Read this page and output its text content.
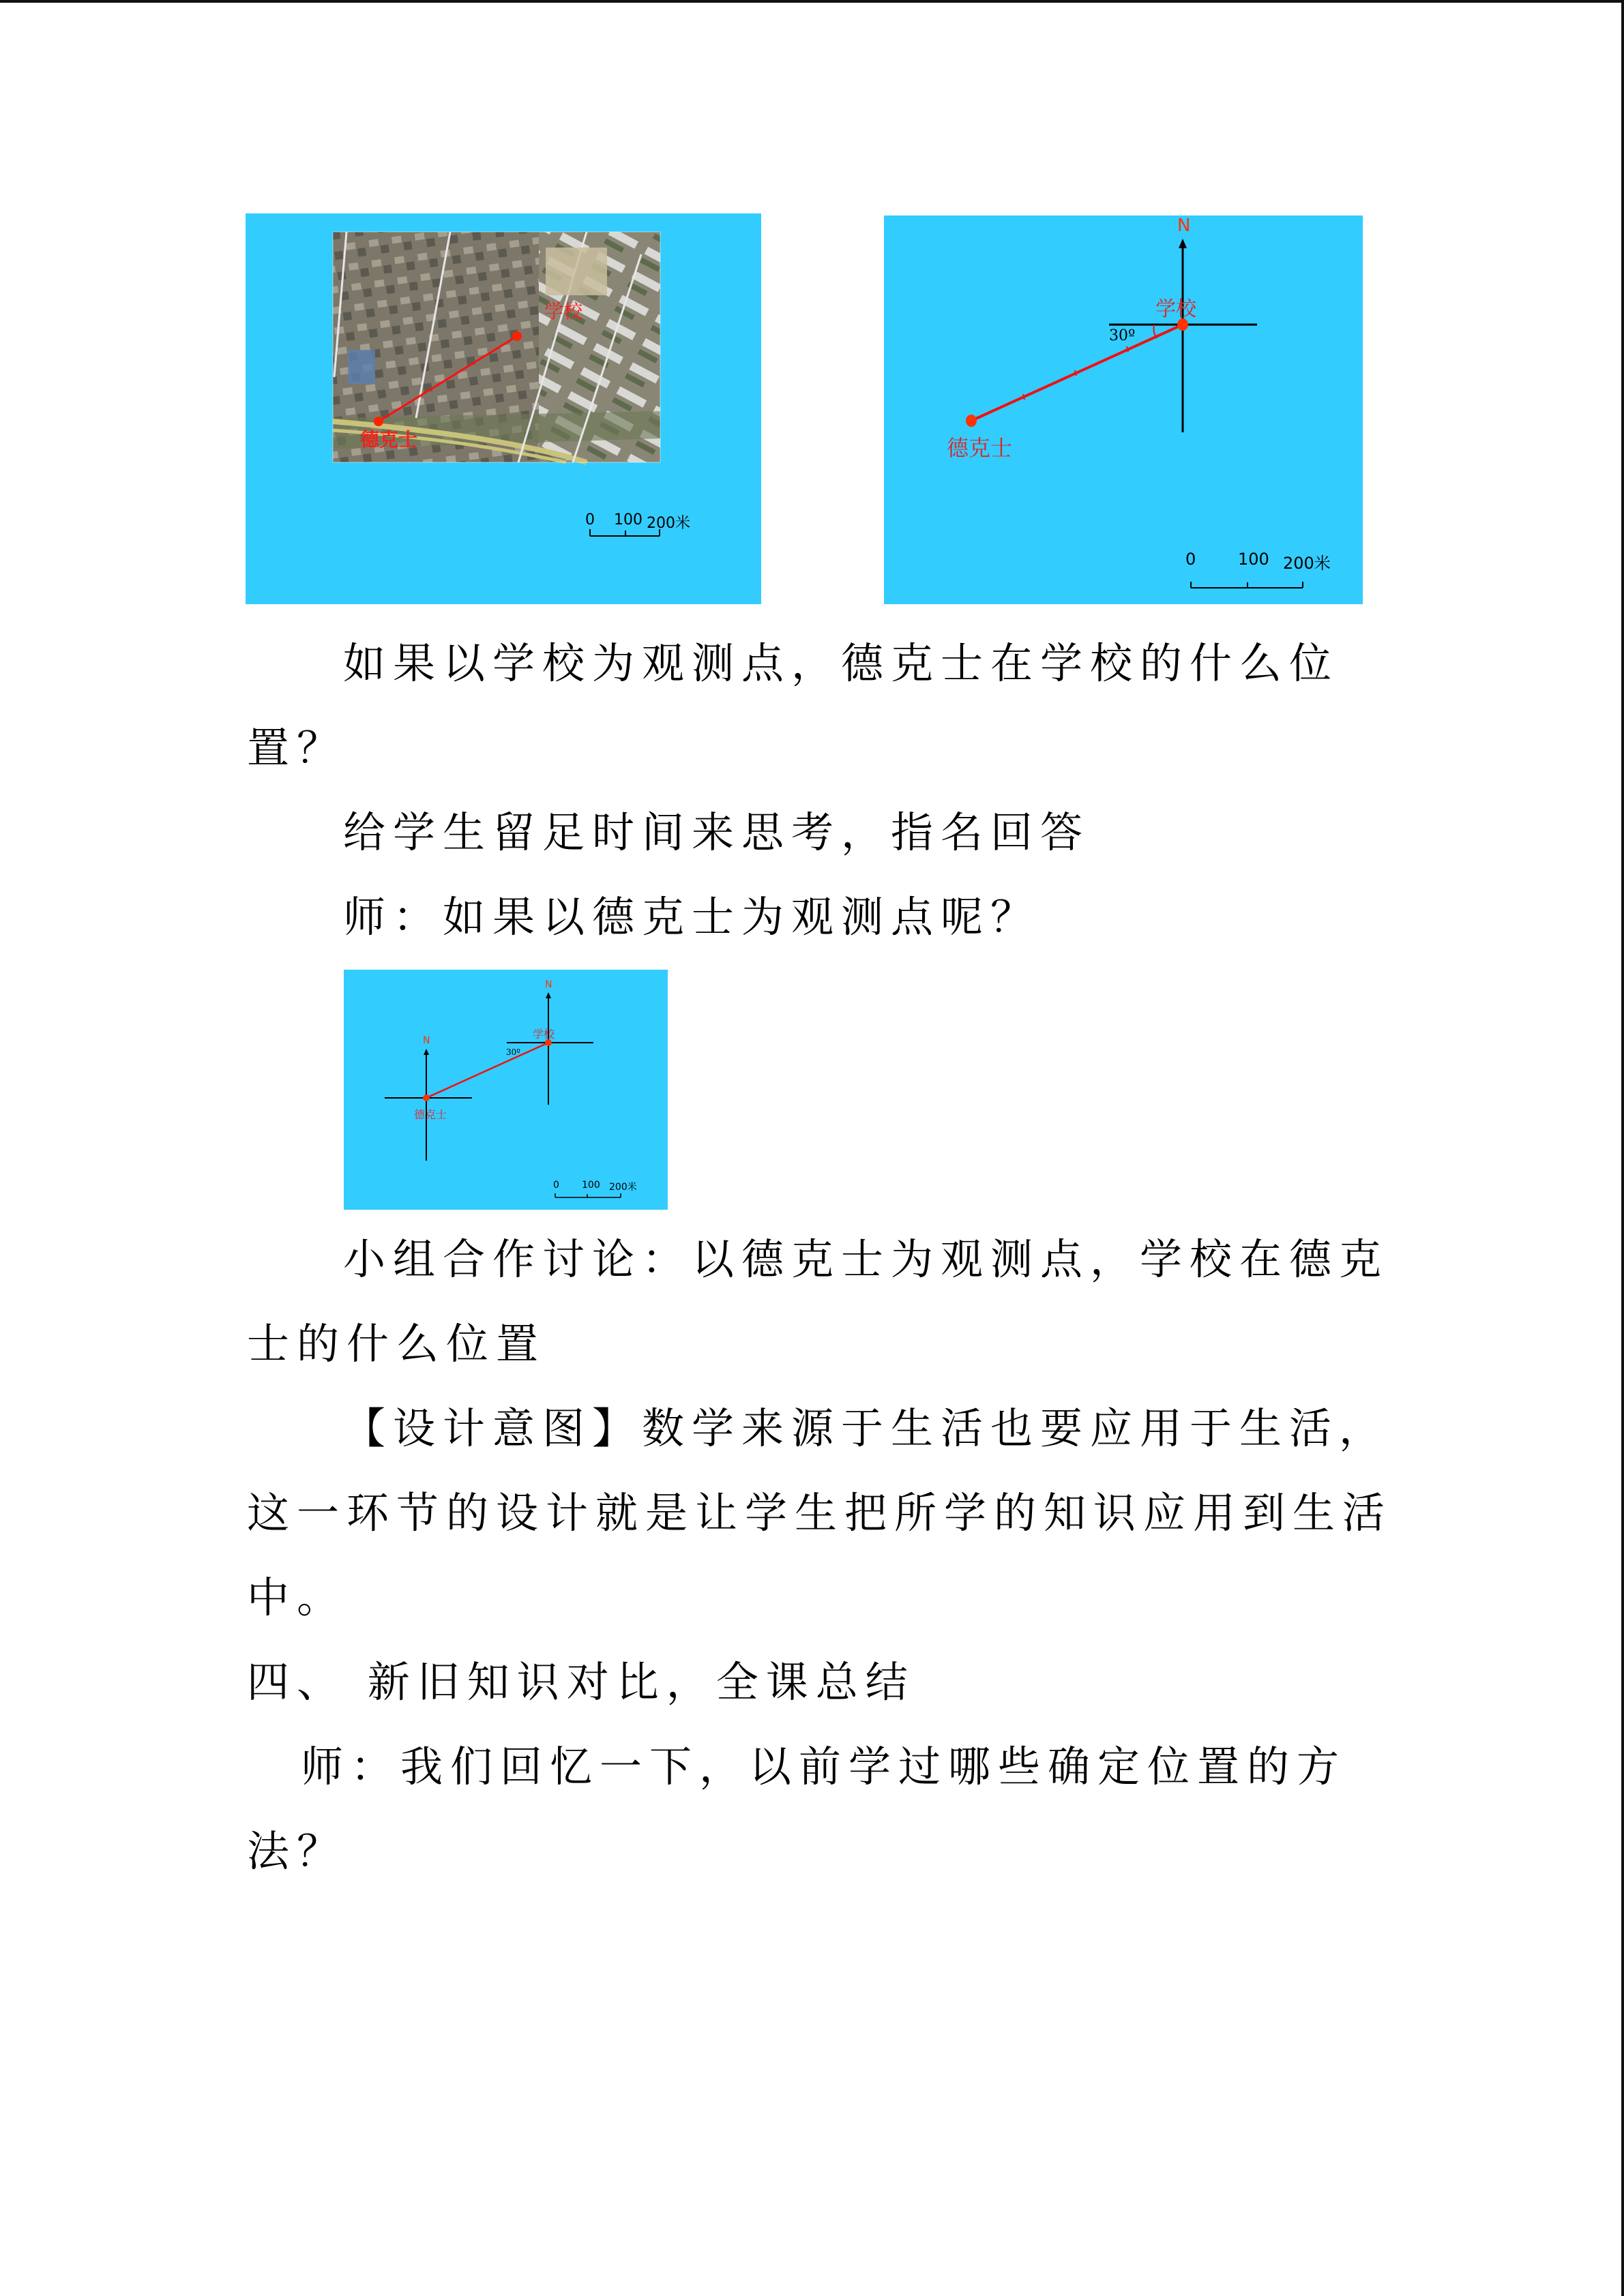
学校
德克士
0 100 200米
N
学校
30º
德克士
0	100 200米
如果以学校为观测点，德克士在学校的什么位
置？
给学生留足时间来思考，指名回答
师：如果以德克士为观测点呢？
N
N	学校
30º
德克士
0 100 200米
小组合作讨论：以德克士为观测点，学校在德克
士的什么位置
【设计意图】数学来源于生活也要应用于生活，
这一环节的设计就是让学生把所学的知识应用到生活
中。
四、 新旧知识对比，全课总结
师：我们回忆一下，以前学过哪些确定位置的方
法？
